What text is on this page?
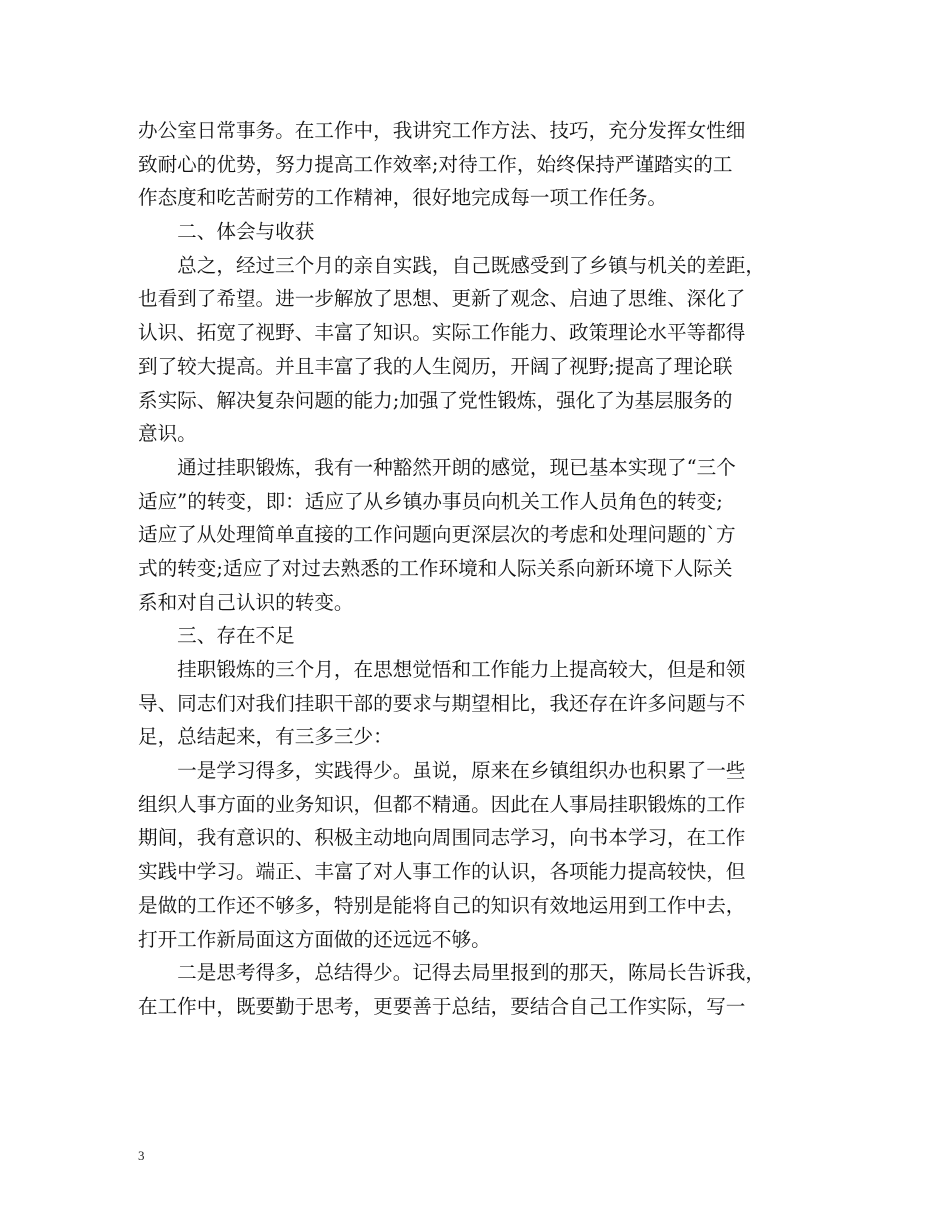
办公室日常事务。在工作中，我讲究工作方法、技巧，充分发挥女性细
致耐心的优势，努力提高工作效率;对待工作，始终保持严谨踏实的工
作态度和吃苦耐劳的工作精神，很好地完成每一项工作任务。
　　二、体会与收获
　　总之，经过三个月的亲自实践，自己既感受到了乡镇与机关的差距，
也看到了希望。进一步解放了思想、更新了观念、启迪了思维、深化了
认识、拓宽了视野、丰富了知识。实际工作能力、政策理论水平等都得
到了较大提高。并且丰富了我的人生阅历，开阔了视野;提高了理论联
系实际、解决复杂问题的能力;加强了党性锻炼，强化了为基层服务的
意识。
　　通过挂职锻炼，我有一种豁然开朗的感觉，现已基本实现了“三个
适应”的转变，即：适应了从乡镇办事员向机关工作人员角色的转变;
适应了从处理简单直接的工作问题向更深层次的考虑和处理问题的`方
式的转变;适应了对过去熟悉的工作环境和人际关系向新环境下人际关
系和对自己认识的转变。
　　三、存在不足
　　挂职锻炼的三个月，在思想觉悟和工作能力上提高较大，但是和领
导、同志们对我们挂职干部的要求与期望相比，我还存在许多问题与不
足，总结起来，有三多三少：
　　一是学习得多，实践得少。虽说，原来在乡镇组织办也积累了一些
组织人事方面的业务知识，但都不精通。因此在人事局挂职锻炼的工作
期间，我有意识的、积极主动地向周围同志学习，向书本学习，在工作
实践中学习。端正、丰富了对人事工作的认识，各项能力提高较快，但
是做的工作还不够多，特别是能将自己的知识有效地运用到工作中去，
打开工作新局面这方面做的还远远不够。
　　二是思考得多，总结得少。记得去局里报到的那天，陈局长告诉我，
在工作中，既要勤于思考，更要善于总结，要结合自己工作实际，写一
3
